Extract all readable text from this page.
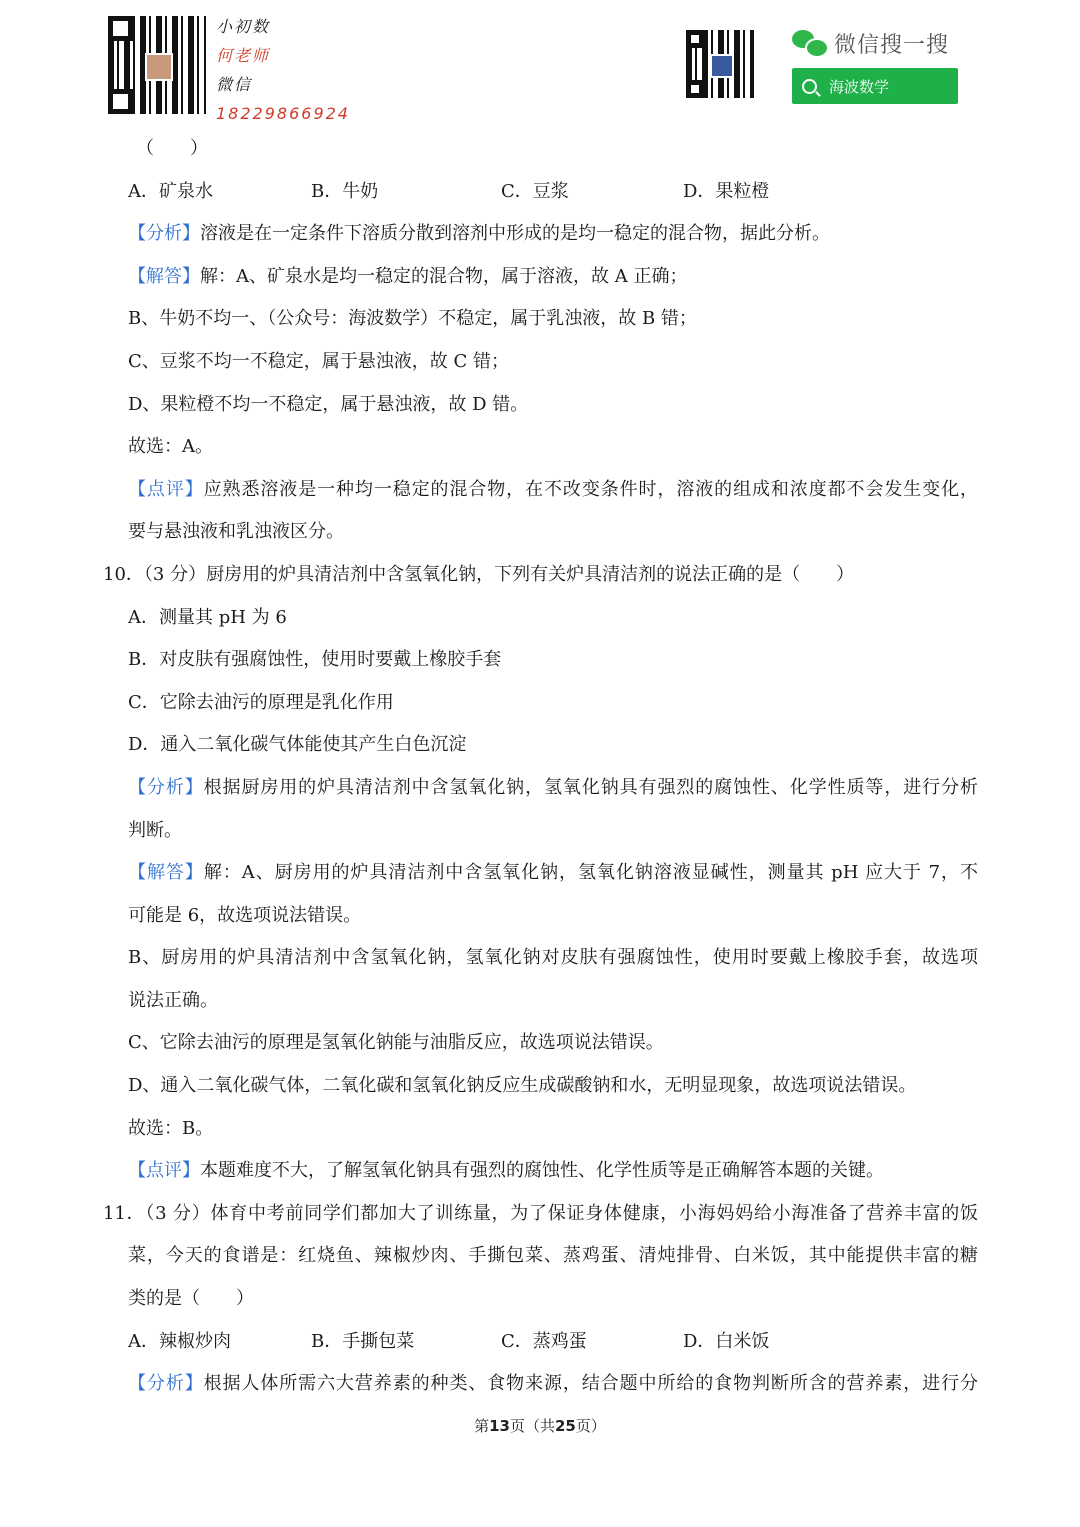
小初数
何老师
微信
18229866924
微信搜一搜
海波数学
（　　）
A．矿泉水	B．牛奶	C．豆浆	D．果粒橙
【分析】溶液是在一定条件下溶质分散到溶剂中形成的是均一稳定的混合物，据此分析。
【解答】解：A、矿泉水是均一稳定的混合物，属于溶液，故 A 正确；
B、牛奶不均一、（公众号：海波数学）不稳定，属于乳浊液，故 B 错；
C、豆浆不均一不稳定，属于悬浊液，故 C 错；
D、果粒橙不均一不稳定，属于悬浊液，故 D 错。
故选：A。
【点评】应熟悉溶液是一种均一稳定的混合物，在不改变条件时，溶液的组成和浓度都不会发生变化，
要与悬浊液和乳浊液区分。
10．（3 分）厨房用的炉具清洁剂中含氢氧化钠，下列有关炉具清洁剂的说法正确的是（　　）
A．测量其 pH 为 6
B．对皮肤有强腐蚀性，使用时要戴上橡胶手套
C．它除去油污的原理是乳化作用
D．通入二氧化碳气体能使其产生白色沉淀
【分析】根据厨房用的炉具清洁剂中含氢氧化钠，氢氧化钠具有强烈的腐蚀性、化学性质等，进行分析
判断。
【解答】解：A、厨房用的炉具清洁剂中含氢氧化钠，氢氧化钠溶液显碱性，测量其 pH 应大于 7，不
可能是 6，故选项说法错误。
B、厨房用的炉具清洁剂中含氢氧化钠，氢氧化钠对皮肤有强腐蚀性，使用时要戴上橡胶手套，故选项
说法正确。
C、它除去油污的原理是氢氧化钠能与油脂反应，故选项说法错误。
D、通入二氧化碳气体，二氧化碳和氢氧化钠反应生成碳酸钠和水，无明显现象，故选项说法错误。
故选：B。
【点评】本题难度不大，了解氢氧化钠具有强烈的腐蚀性、化学性质等是正确解答本题的关键。
11．（3 分）体育中考前同学们都加大了训练量，为了保证身体健康，小海妈妈给小海准备了营养丰富的饭
菜，今天的食谱是：红烧鱼、辣椒炒肉、手撕包菜、蒸鸡蛋、清炖排骨、白米饭，其中能提供丰富的糖
类的是（　　）
A．辣椒炒肉	B．手撕包菜	C．蒸鸡蛋	D．白米饭
【分析】根据人体所需六大营养素的种类、食物来源，结合题中所给的食物判断所含的营养素，进行分
第13页（共25页）
